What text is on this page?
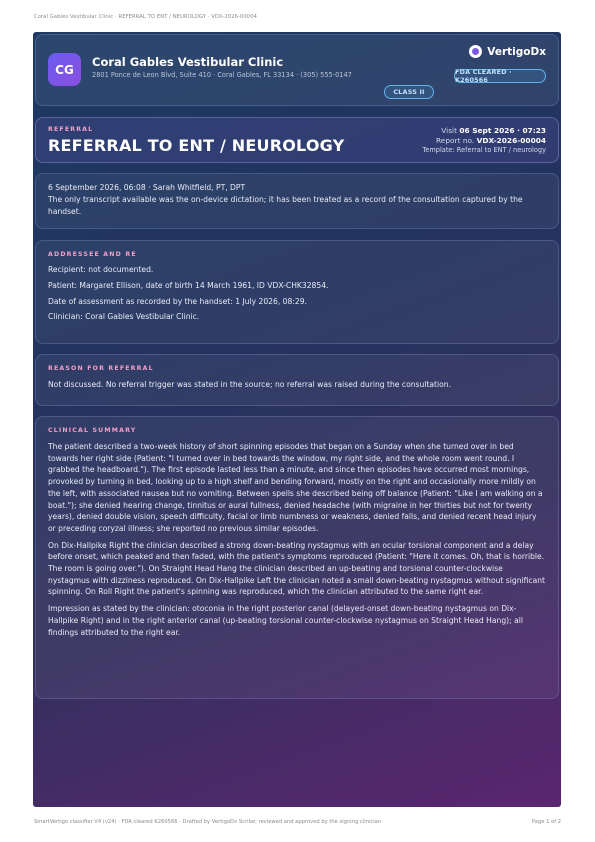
Coral Gables Vestibular Clinic · REFERRAL TO ENT / NEUROLOGY · VDX-2026-00004
CG
Coral Gables Vestibular Clinic
2801 Ponce de Leon Blvd, Suite 410 · Coral Gables, FL 33134 · (305) 555-0147
VertigoDx
FDA CLEARED · K260566
CLASS II
REFERRAL
REFERRAL TO ENT / NEUROLOGY
Visit 06 Sept 2026 · 07:23
Report no. VDX-2026-00004
Template: Referral to ENT / neurology
6 September 2026, 06:08 · Sarah Whitfield, PT, DPT
The only transcript available was the on-device dictation; it has been treated as a record of the consultation captured by the handset.
ADDRESSEE AND RE

Recipient: not documented.

Patient: Margaret Ellison, date of birth 14 March 1961, ID VDX-CHK32854.

Date of assessment as recorded by the handset: 1 July 2026, 08:29.

Clinician: Coral Gables Vestibular Clinic.

REASON FOR REFERRAL

Not discussed. No referral trigger was stated in the source; no referral was raised during the consultation.

CLINICAL SUMMARY

The patient described a two-week history of short spinning episodes that began on a Sunday when she turned over in bed towards her right side (Patient: "I turned over in bed towards the window, my right side, and the whole room went round. I grabbed the headboard."). The first episode lasted less than a minute, and since then episodes have occurred most mornings, provoked by turning in bed, looking up to a high shelf and bending forward, mostly on the right and occasionally more mildly on the left, with associated nausea but no vomiting. Between spells she described being off balance (Patient: "Like I am walking on a boat."); she denied hearing change, tinnitus or aural fullness, denied headache (with migraine in her thirties but not for twenty years), denied double vision, speech difficulty, facial or limb numbness or weakness, denied falls, and denied recent head injury or preceding coryzal illness; she reported no previous similar episodes.

On Dix-Hallpike Right the clinician described a strong down-beating nystagmus with an ocular torsional component and a delay before onset, which peaked and then faded, with the patient's symptoms reproduced (Patient: "Here it comes. Oh, that is horrible. The room is going over."). On Straight Head Hang the clinician described an up-beating and torsional counter-clockwise nystagmus with dizziness reproduced. On Dix-Hallpike Left the clinician noted a small down-beating nystagmus without significant spinning. On Roll Right the patient's spinning was reproduced, which the clinician attributed to the same right ear.

Impression as stated by the clinician: otoconia in the right posterior canal (delayed-onset down-beating nystagmus on Dix-Hallpike Right) and in the right anterior canal (up-beating torsional counter-clockwise nystagmus on Straight Head Hang); all findings attributed to the right ear.

SmartVertigo classifier V4 (v24) · FDA cleared K260566 · Drafted by VertigoDx Scribe; reviewed and approved by the signing clinician	Page 1 of 2
